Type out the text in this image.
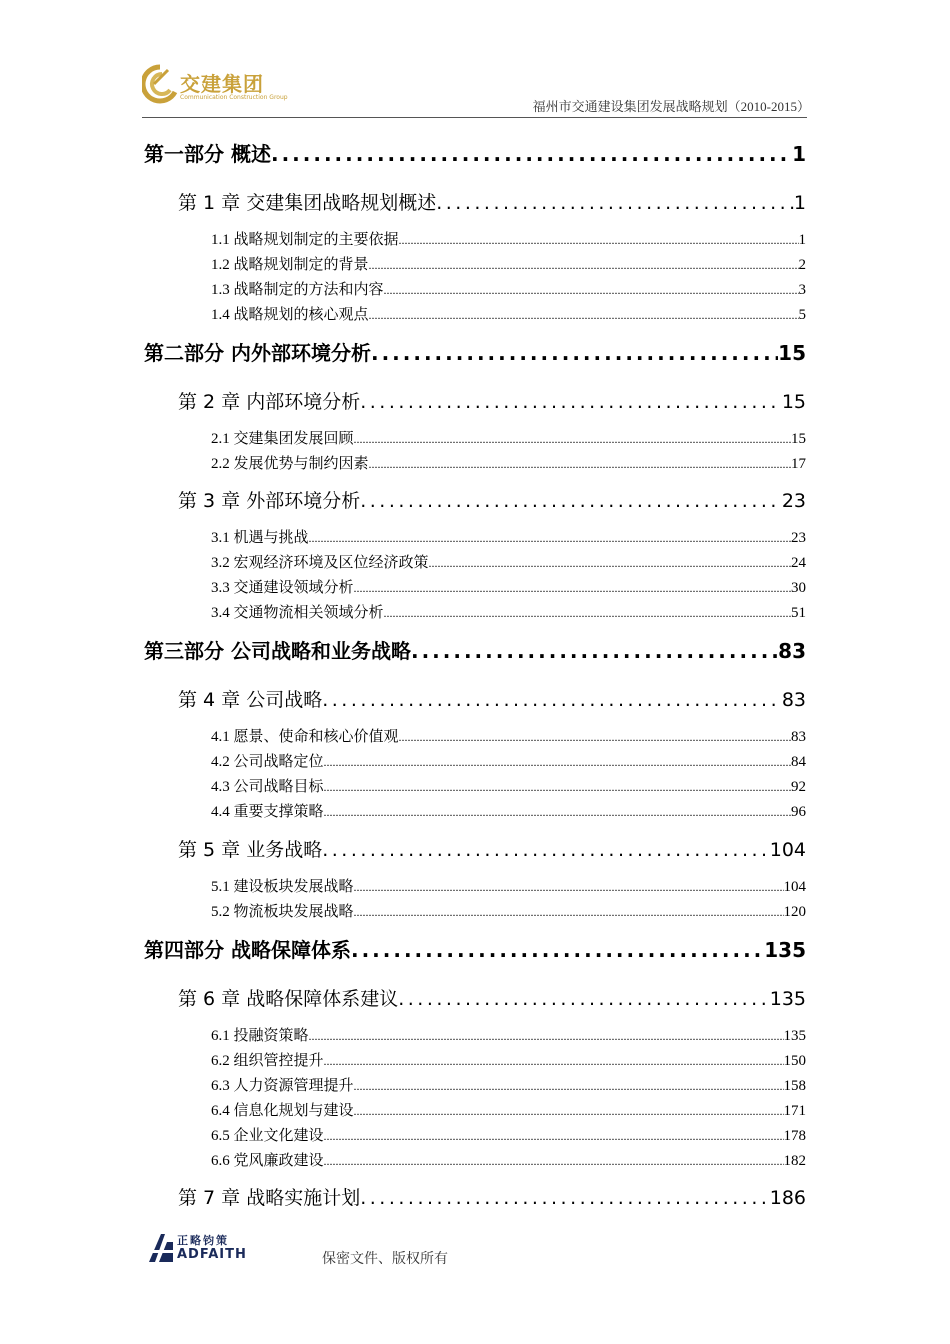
交建集团
Communication Construction Group
福州市交通建设集团发展战略规划（2010-2015）
第一部分 概述 .....	1
第 1 章 交建集团战略规划概述 .....	1
1.1 战略规划制定的主要依据 .....	1
1.2 战略规划制定的背景 .....	2
1.3 战略制定的方法和内容 .....	3
1.4 战略规划的核心观点 .....	5
第二部分 内外部环境分析 .....	15
第 2 章 内部环境分析 .....	15
2.1 交建集团发展回顾 .....	15
2.2 发展优势与制约因素 .....	17
第 3 章 外部环境分析 .....	23
3.1 机遇与挑战 .....	23
3.2 宏观经济环境及区位经济政策 .....	24
3.3 交通建设领域分析 .....	30
3.4 交通物流相关领域分析 .....	51
第三部分 公司战略和业务战略 .....	83
第 4 章 公司战略 .....	83
4.1 愿景、使命和核心价值观 .....	83
4.2 公司战略定位 .....	84
4.3 公司战略目标 .....	92
4.4 重要支撑策略 .....	96
第 5 章 业务战略 .....	104
5.1 建设板块发展战略 .....	104
5.2 物流板块发展战略 .....	120
第四部分 战略保障体系 .....	135
第 6 章 战略保障体系建议 .....	135
6.1 投融资策略 .....	135
6.2 组织管控提升 .....	150
6.3 人力资源管理提升 .....	158
6.4 信息化规划与建设 .....	171
6.5 企业文化建设 .....	178
6.6 党风廉政建设 .....	182
第 7 章 战略实施计划 .....	186
正略钧策
ADFAITH	保密文件、版权所有
